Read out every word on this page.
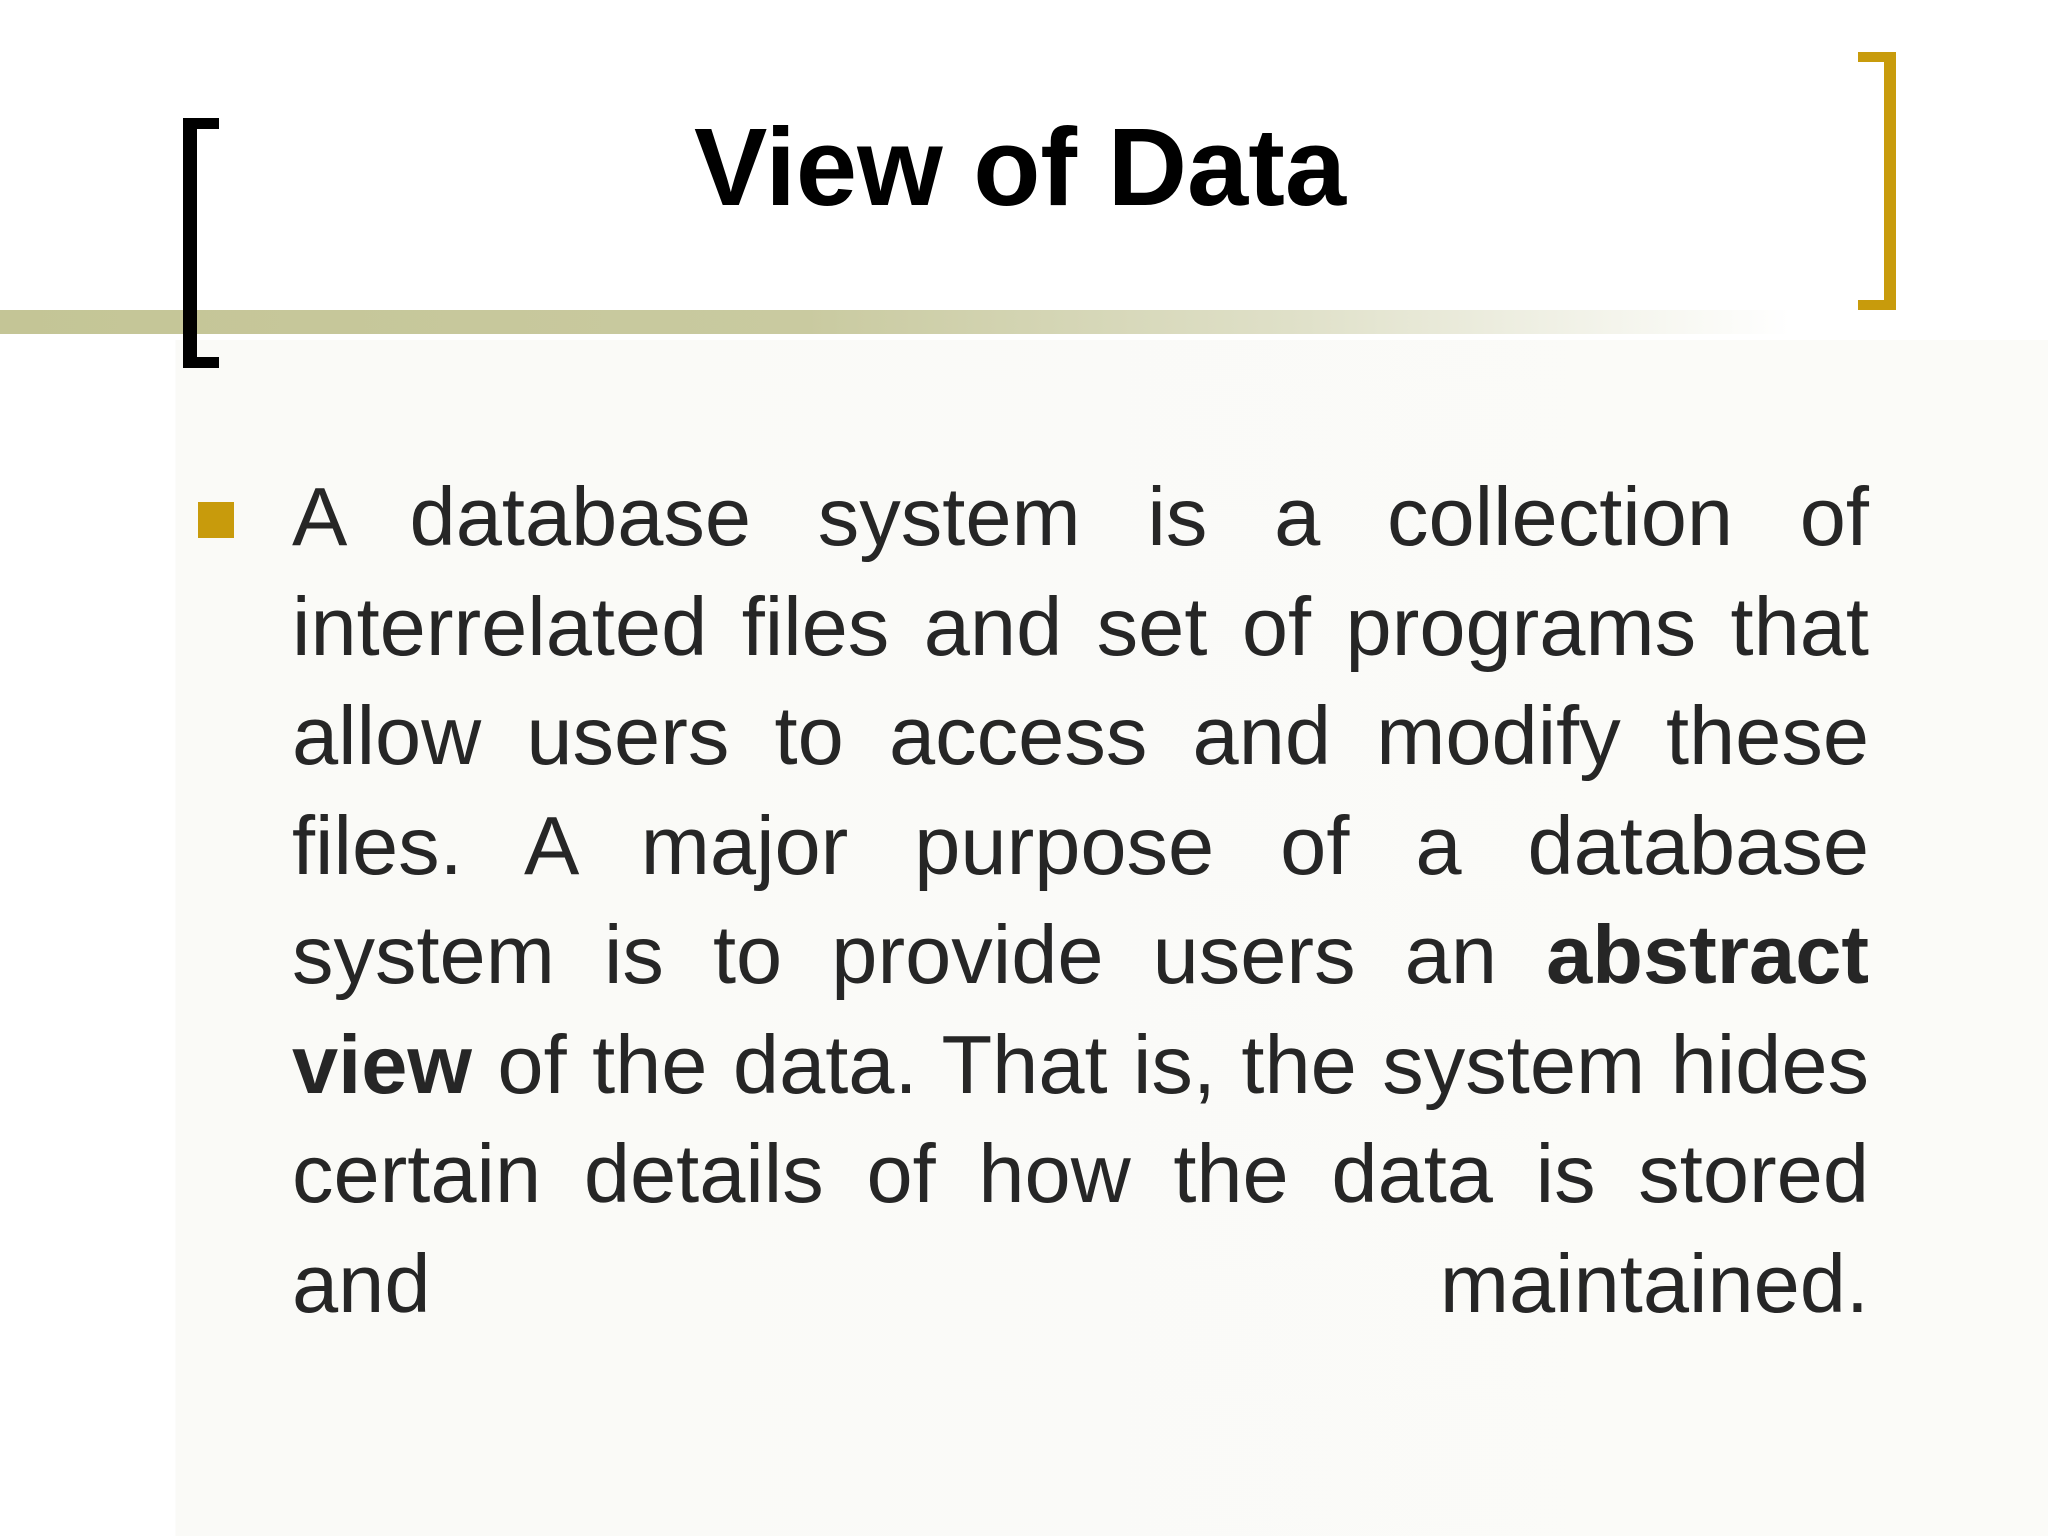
View of Data

A database system is a collection of interrelated files and set of programs that allow users to access and modify these files. A major purpose of a database system is to provide users an abstract view of the data. That is, the system hides certain details of how the data is stored and maintained.
